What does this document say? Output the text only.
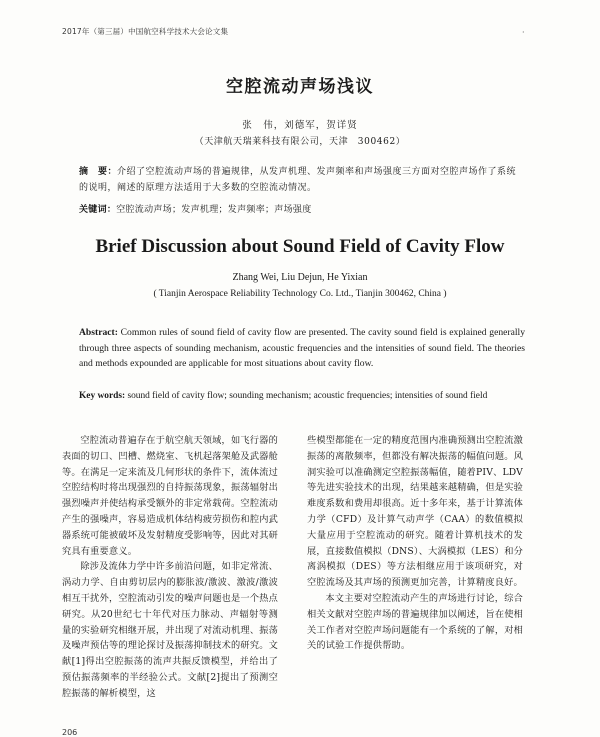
2017年（第三届）中国航空科学技术大会论文集	·
空腔流动声场浅议
张　伟，刘德军，贺详贤
（天津航天瑞莱科技有限公司，天津　300462）
摘　要：介绍了空腔流动声场的普遍规律，从发声机理、发声频率和声场强度三方面对空腔声场作了系统的说明，阐述的原理方法适用于大多数的空腔流动情况。
关键词：空腔流动声场；发声机理；发声频率；声场强度
Brief Discussion about Sound Field of Cavity Flow
Zhang Wei, Liu Dejun, He Yixian
( Tianjin Aerospace Reliability Technology Co. Ltd., Tianjin 300462, China )
Abstract: Common rules of sound field of cavity flow are presented. The cavity sound field is explained generally through three aspects of sounding mechanism, acoustic frequencies and the intensities of sound field. The theories and methods expounded are applicable for most situations about cavity flow.
Key words: sound field of cavity flow; sounding mechanism; acoustic frequencies; intensities of sound field

空腔流动普遍存在于航空航天领域，如飞行器的表面的切口、凹槽、燃烧室、飞机起落架舱及武器舱等。在满足一定来流及几何形状的条件下，流体流过空腔结构时将出现强烈的自持振荡现象，振荡辐射出强烈噪声并使结构承受额外的非定常载荷。空腔流动产生的强噪声，容易造成机体结构疲劳损伤和腔内武器系统可能被破坏及发射精度受影响等，因此对其研究具有重要意义。

除涉及流体力学中许多前沿问题，如非定常流、涡动力学、自由剪切层内的膨胀波/激波、激波/激波相互干扰外，空腔流动引发的噪声问题也是一个热点研究。从20世纪七十年代对压力脉动、声辐射等测量的实验研究相继开展，并出现了对流动机理、振荡及噪声预估等的理论探讨及振荡抑制技术的研究。文献[1]得出空腔振荡的流声共振反馈模型，并给出了预估振荡频率的半经验公式。文献[2]提出了预测空腔振荡的解析模型，这

些模型都能在一定的精度范围内准确预测出空腔流激振荡的离散频率，但都没有解决振荡的幅值问题。风洞实验可以准确测定空腔振荡幅值，随着PIV、LDV等先进实验技术的出现，结果越来越精确，但是实验难度系数和费用却很高。近十多年来，基于计算流体力学（CFD）及计算气动声学（CAA）的数值模拟大量应用于空腔流动的研究。随着计算机技术的发展，直接数值模拟（DNS）、大涡模拟（LES）和分离涡模拟（DES）等方法相继应用于该项研究，对空腔流场及其声场的预测更加完善，计算精度良好。

本文主要对空腔流动产生的声场进行讨论，综合相关文献对空腔声场的普遍规律加以阐述，旨在使相关工作者对空腔声场问题能有一个系统的了解，对相关的试验工作提供帮助。

206
